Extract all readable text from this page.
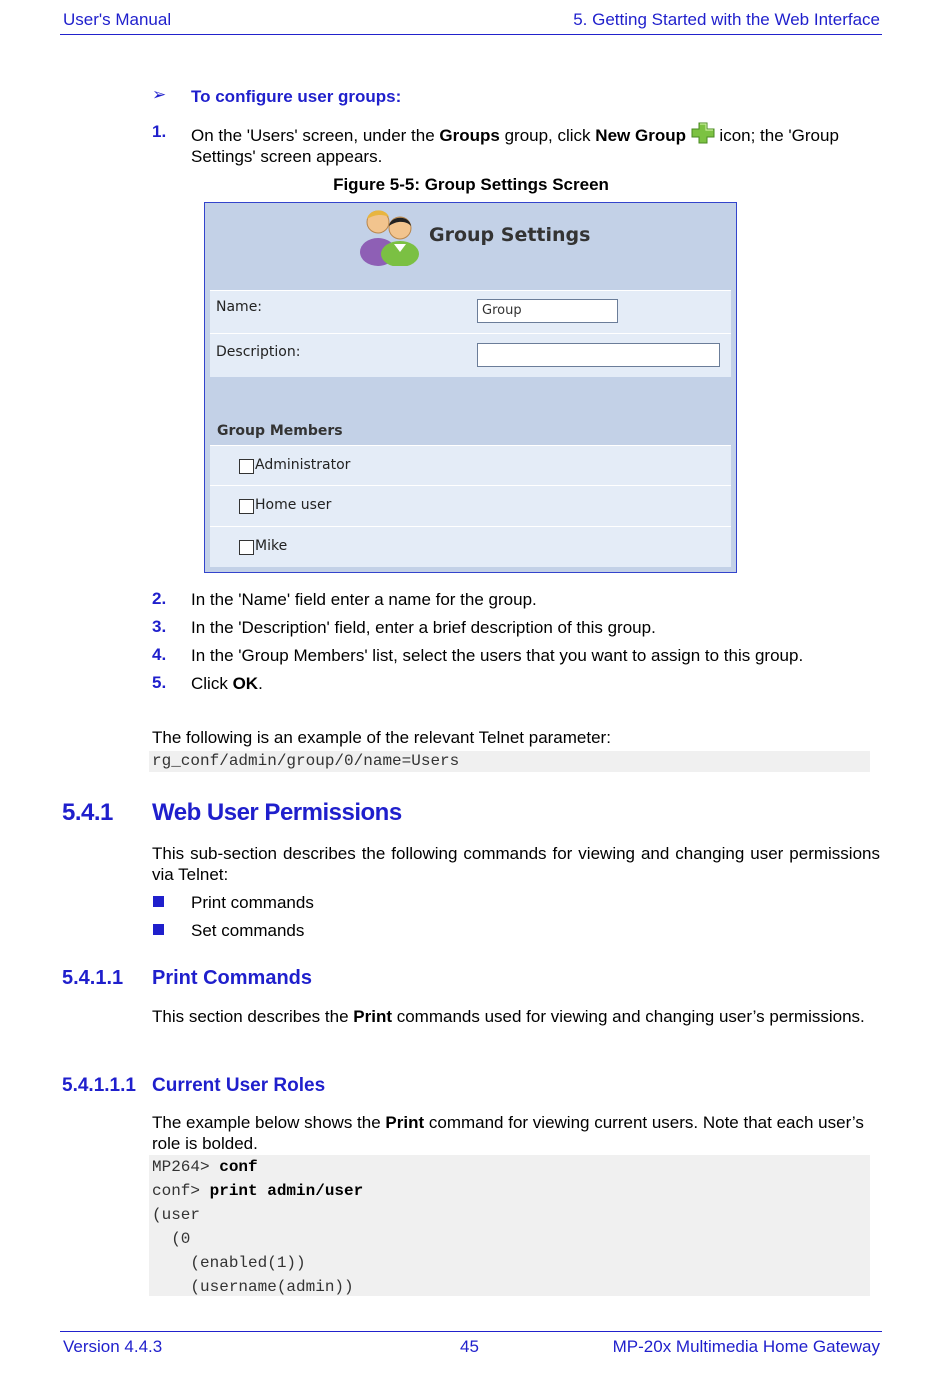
User's Manual	5. Getting Started with the Web Interface
➢ To configure user groups:
1. On the 'Users' screen, under the Groups group, click New Group  icon; the 'Group Settings' screen appears.
Figure 5-5: Group Settings Screen
Group Settings
Name:	Group
Description:
Group Members
Administrator
Home user
Mike
2. In the 'Name' field enter a name for the group.
3. In the 'Description' field, enter a brief description of this group.
4. In the 'Group Members' list, select the users that you want to assign to this group.
5. Click OK.
The following is an example of the relevant Telnet parameter:
rg_conf/admin/group/0/name=Users
5.4.1 Web User Permissions
This sub-section describes the following commands for viewing and changing user permissions via Telnet:
Print commands
Set commands
5.4.1.1 Print Commands
This section describes the Print commands used for viewing and changing user’s permissions.
5.4.1.1.1 Current User Roles
The example below shows the Print command for viewing current users. Note that each user’s role is bolded.
MP264> conf
conf> print admin/user
(user
(0
(enabled(1))
(username(admin))
Version 4.4.3	45	MP-20x Multimedia Home Gateway
